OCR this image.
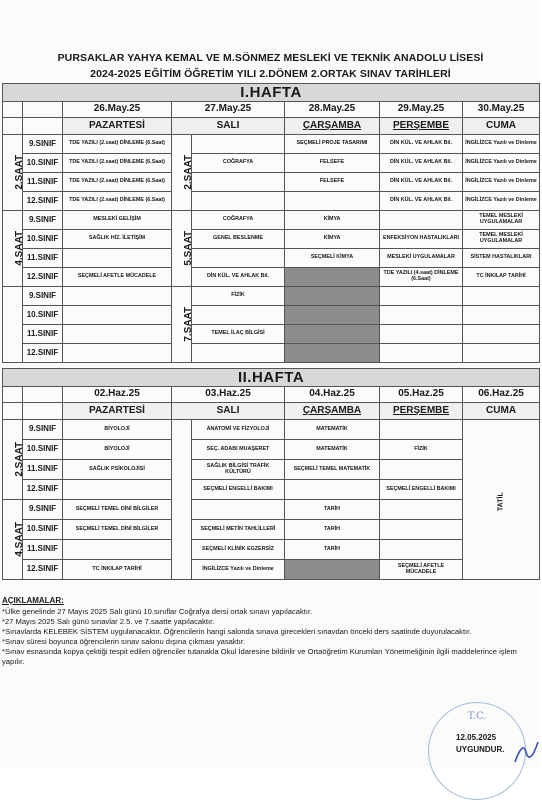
PURSAKLAR YAHYA KEMAL VE M.SÖNMEZ MESLEKİ VE TEKNİK ANADOLU LİSESİ
2024-2025 EĞİTİM ÖĞRETİM YILI 2.DÖNEM 2.ORTAK SINAV TARİHLERİ
I.HAFTA							
		26.May.25	27.May.25		28.May.25	29.May.25	30.May.25
		PAZARTESİ	SALI		ÇARŞAMBA	PERŞEMBE	CUMA
2.SAAT	9.SINIF	TDE YAZILI (2.saat) DİNLEME (6.Saat)	2.SAAT		SEÇMELİ PROJE TASARIMI	DİN KÜL. VE AHLAK Bil.	İNGİLİZCE Yazılı ve Dinleme
	10.SINIF	TDE YAZILI (2.saat) DİNLEME (6.Saat)		COĞRAFYA	FELSEFE	DİN KÜL. VE AHLAK Bil.	İNGİLİZCE Yazılı ve Dinleme
	11.SINIF	TDE YAZILI (2.saat) DİNLEME (6.Saat)			FELSEFE	DİN KÜL. VE AHLAK Bil.	İNGİLİZCE Yazılı ve Dinleme
	12.SINIF	TDE YAZILI (2.saat) DİNLEME (6.Saat)				DİN KÜL. VE AHLAK Bil.	İNGİLİZCE Yazılı ve Dinleme
4.SAAT	9.SINIF	MESLEKİ GELİŞİM	5.SAAT	COĞRAFYA	KİMYA		TEMEL MESLEKİ UYGULAMALAR
	10.SINIF	SAĞLIK HİZ. İLETİŞİM		GENEL BESLENME	KİMYA	ENFEKSİYON HASTALIKLARI	TEMEL MESLEKİ UYGULAMALAR
	11.SINIF				SEÇMELİ KİMYA	MESLEKİ UYGULAMALAR	SİSTEM HASTALIKLARI
	12.SINIF	SEÇMELİ AFETLE MÜCADELE		DİN KÜL. VE AHLAK Bil.		TDE YAZILI (4.saat) DİNLEME (6.Saat)	TC İNKILAP TARİHİ
	9.SINIF		7.SAAT	FİZİK			
	10.SINIF						
	11.SINIF			TEMEL İLAÇ BİLGİSİ			
	12.SINIF						
II.HAFTA							
		02.Haz.25	03.Haz.25		04.Haz.25	05.Haz.25	06.Haz.25
		PAZARTESİ	SALI		ÇARŞAMBA	PERŞEMBE	CUMA
2.SAAT	9.SINIF	BİYOLOJİ		ANATOMİ VE FİZYOLOJİ	MATEMATİK		TATİL
	10.SINIF	BİYOLOJİ		SEÇ. ADABI MUAŞERET	MATEMATİK	FİZİK	
	11.SINIF	SAĞLIK PSİKOLOJİSİ		SAĞLIK BİLGİSİ TRAFİK KÜLTÜRÜ	SEÇMELİ TEMEL MATEMATİK		
	12.SINIF			SEÇMELİ ENGELLİ BAKIMI		SEÇMELİ ENGELLİ BAKIMI	
4.SAAT	9.SINIF	SEÇMELİ TEMEL DİNİ BİLGİLER			TARİH		
	10.SINIF	SEÇMELİ TEMEL DİNİ BİLGİLER		SEÇMELİ METİN TAHLİLLERİ	TARİH		
	11.SINIF			SEÇMELİ KLİNİK EGZERSİZ	TARİH		
	12.SINIF	TC İNKILAP TARİHİ		İNGİLİZCE Yazılı ve Dinleme		SEÇMELİ AFETLE MÜCADELE	
AÇIKLAMALAR:
*Ülke genelinde 27 Mayıs 2025 Salı günü 10.sınıflar Coğrafya dersi ortak sınavı yapılacaktır.
*27 Mayıs 2025 Salı günü sınavlar 2.5. ve 7.saatte yapılacaktır.
*Sınavlarda KELEBEK SİSTEM uygulanacaktır. Öğrencilerin hangi salonda sınava girecekleri sınavdan önceki ders saatinde duyurulacaktır.
*Sınav süresi boyunca öğrencilerin sınav salonu dışına çıkması yasaktır.
*Sınav esnasında kopya çektiği tespit edilen öğrenciler tutanakla Okul İdaresine bildirilir ve Ortaöğretim Kurumları Yönetmeliğinin ilgili maddelerince işlem yapılır.
T.C.
12.05.2025
UYGUNDUR.
